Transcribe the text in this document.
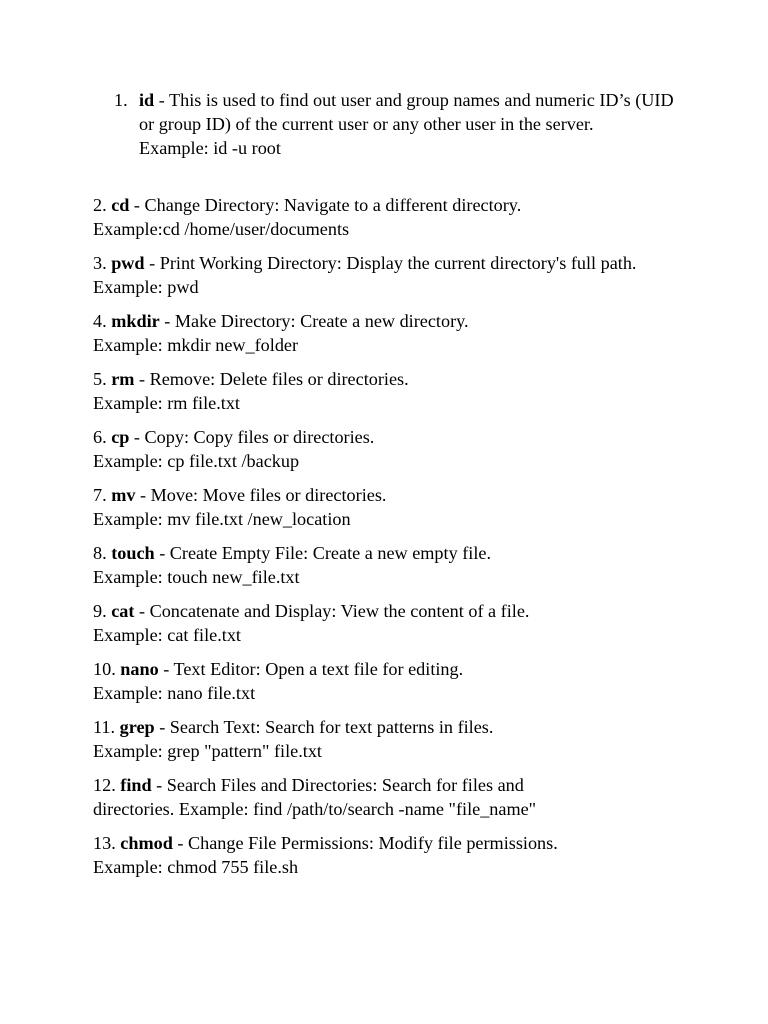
1. id - This is used to find out user and group names and numeric ID’s (UID or group ID) of the current user or any other user in the server.
Example: id -u root
2. cd - Change Directory: Navigate to a different directory.
Example:cd /home/user/documents
3. pwd - Print Working Directory: Display the current directory's full path. Example: pwd
4. mkdir - Make Directory: Create a new directory.
Example: mkdir new_folder
5. rm - Remove: Delete files or directories.
Example: rm file.txt
6. cp - Copy: Copy files or directories.
Example: cp file.txt /backup
7. mv - Move: Move files or directories.
Example: mv file.txt /new_location
8. touch - Create Empty File: Create a new empty file.
Example: touch new_file.txt
9. cat - Concatenate and Display: View the content of a file.
Example: cat file.txt
10. nano - Text Editor: Open a text file for editing.
Example: nano file.txt
11. grep - Search Text: Search for text patterns in files.
Example: grep "pattern" file.txt
12. find - Search Files and Directories: Search for files and directories. Example: find /path/to/search -name "file_name"
13. chmod - Change File Permissions: Modify file permissions.
Example: chmod 755 file.sh
